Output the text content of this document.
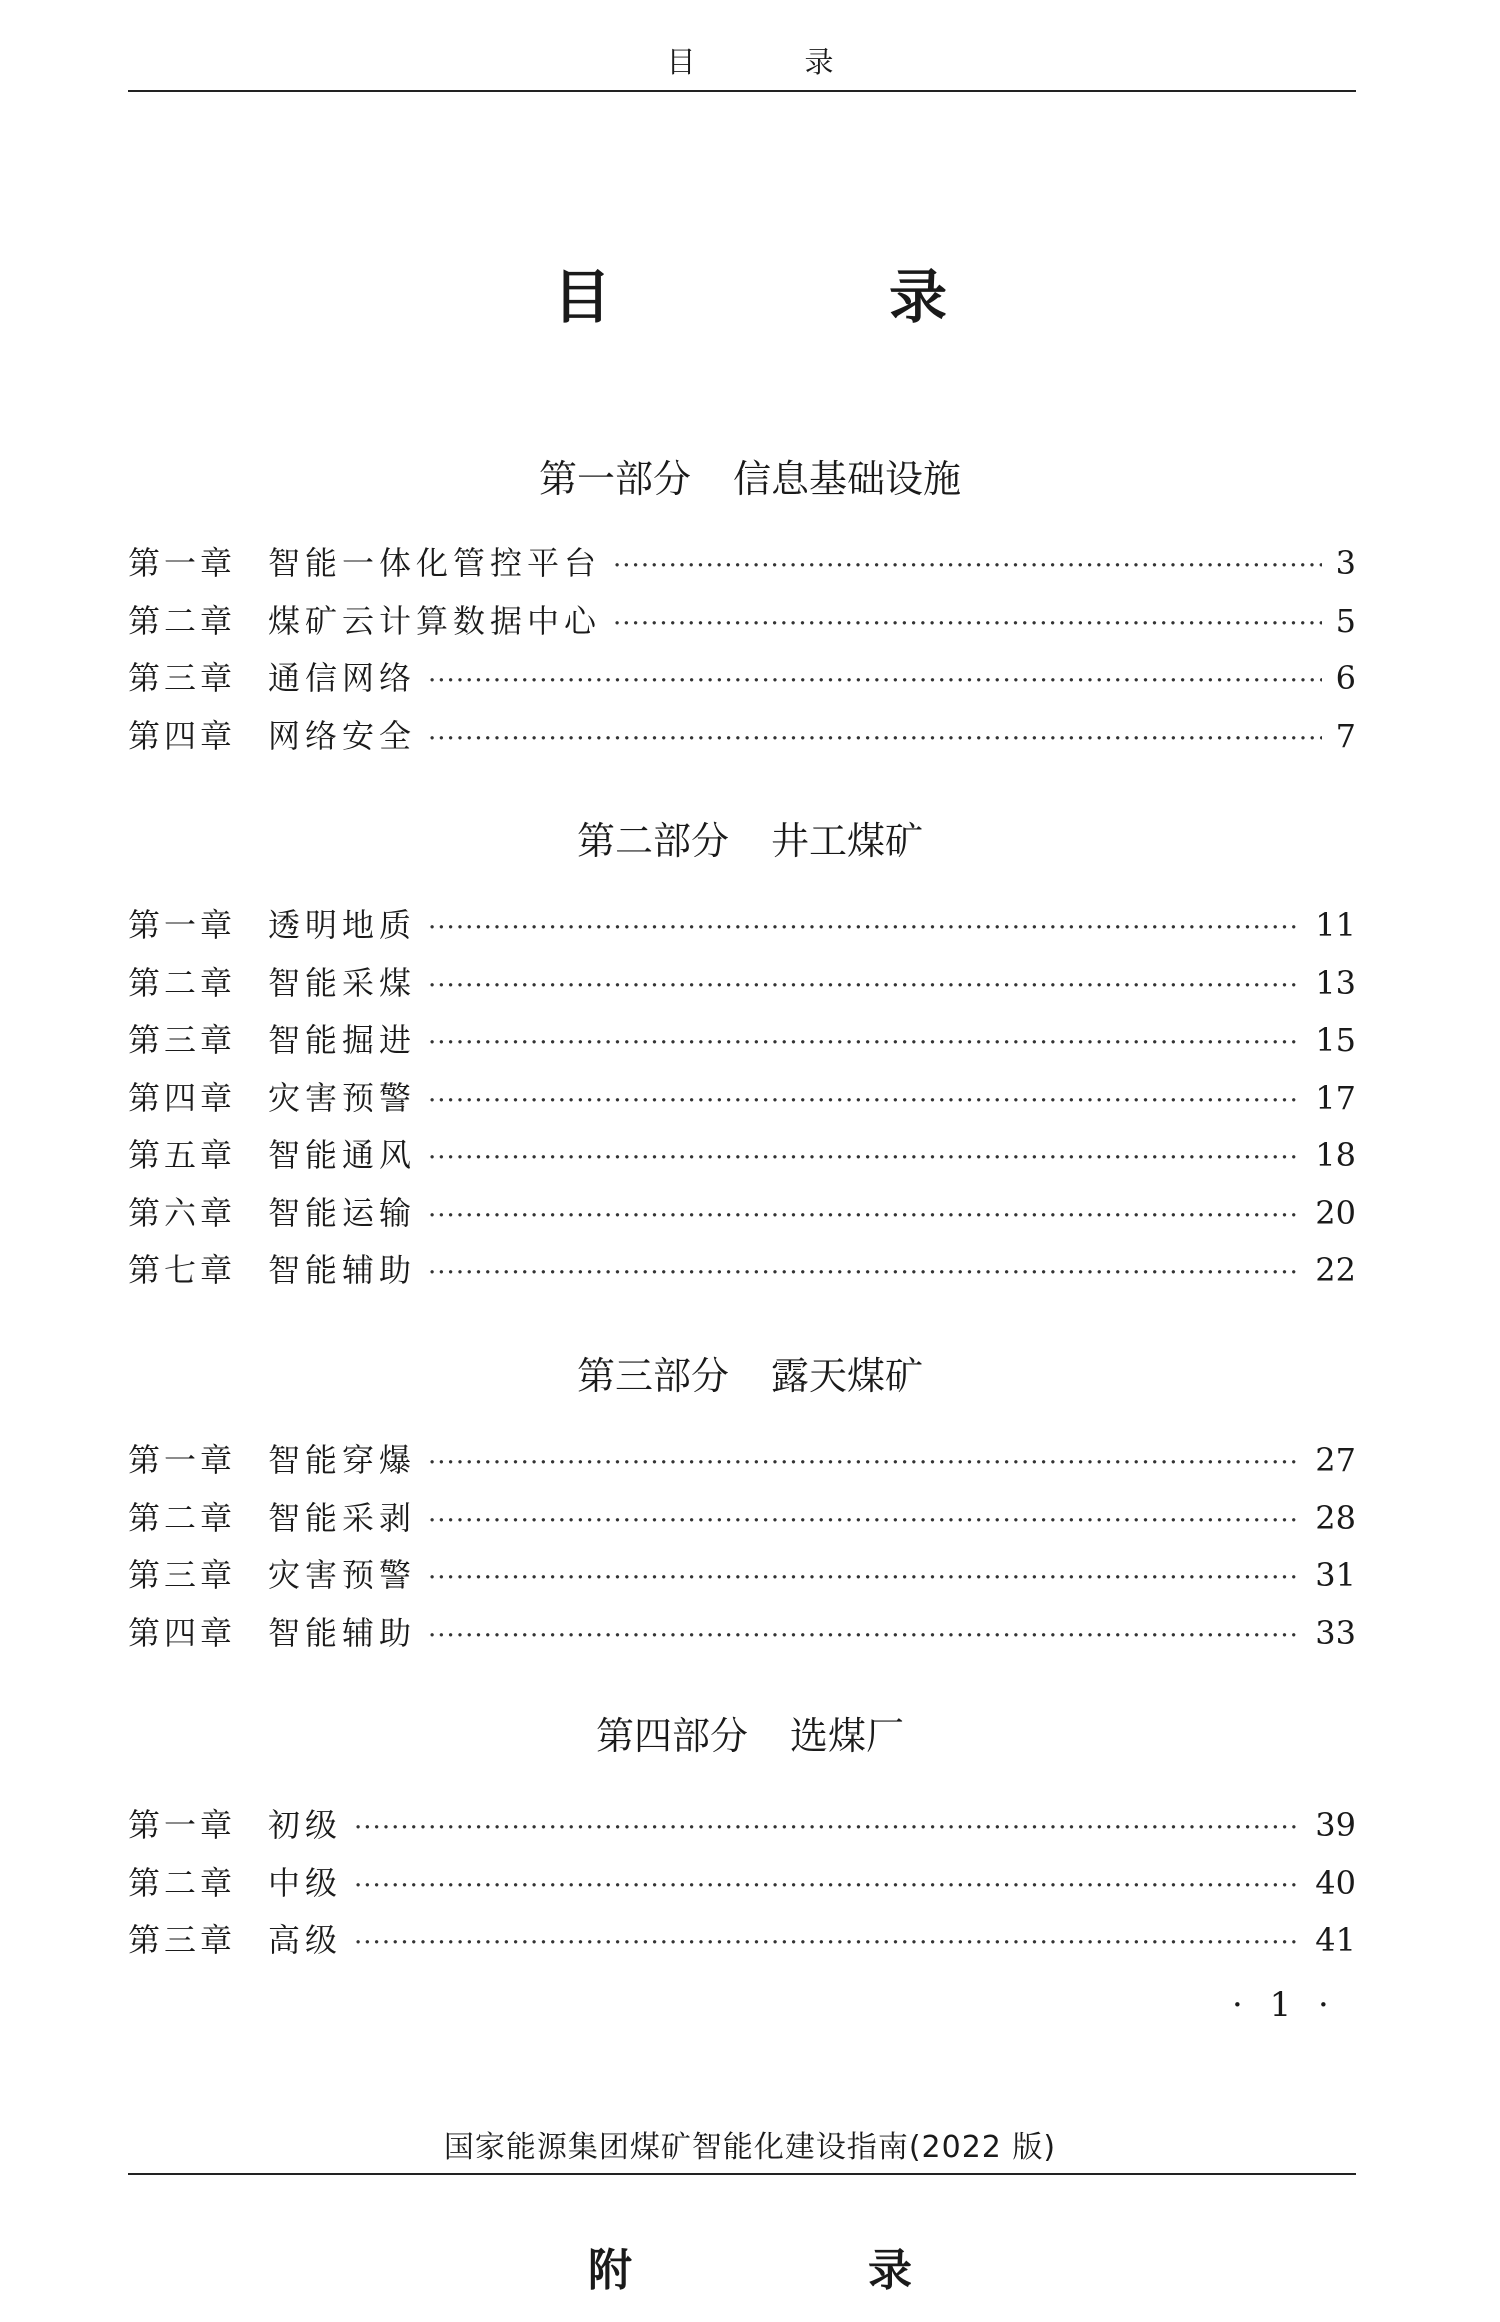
目　录
目　录
第一部分 信息基础设施
第一章 智能一体化管控平台 ·····	3
第二章 煤矿云计算数据中心 ·····	5
第三章 通信网络 ·····	6
第四章 网络安全 ·····	7
第二部分 井工煤矿
第一章 透明地质 ·····	11
第二章 智能采煤 ·····	13
第三章 智能掘进 ·····	15
第四章 灾害预警 ·····	17
第五章 智能通风 ·····	18
第六章 智能运输 ·····	20
第七章 智能辅助 ·····	22
第三部分 露天煤矿
第一章 智能穿爆 ·····	27
第二章 智能采剥 ·····	28
第三章 灾害预警 ·····	31
第四章 智能辅助 ·····	33
第四部分 选煤厂
第一章 初级 ·····	39
第二章 中级 ·····	40
第三章 高级 ·····	41
· 1 ·
国家能源集团煤矿智能化建设指南(2022 版)
附　录
